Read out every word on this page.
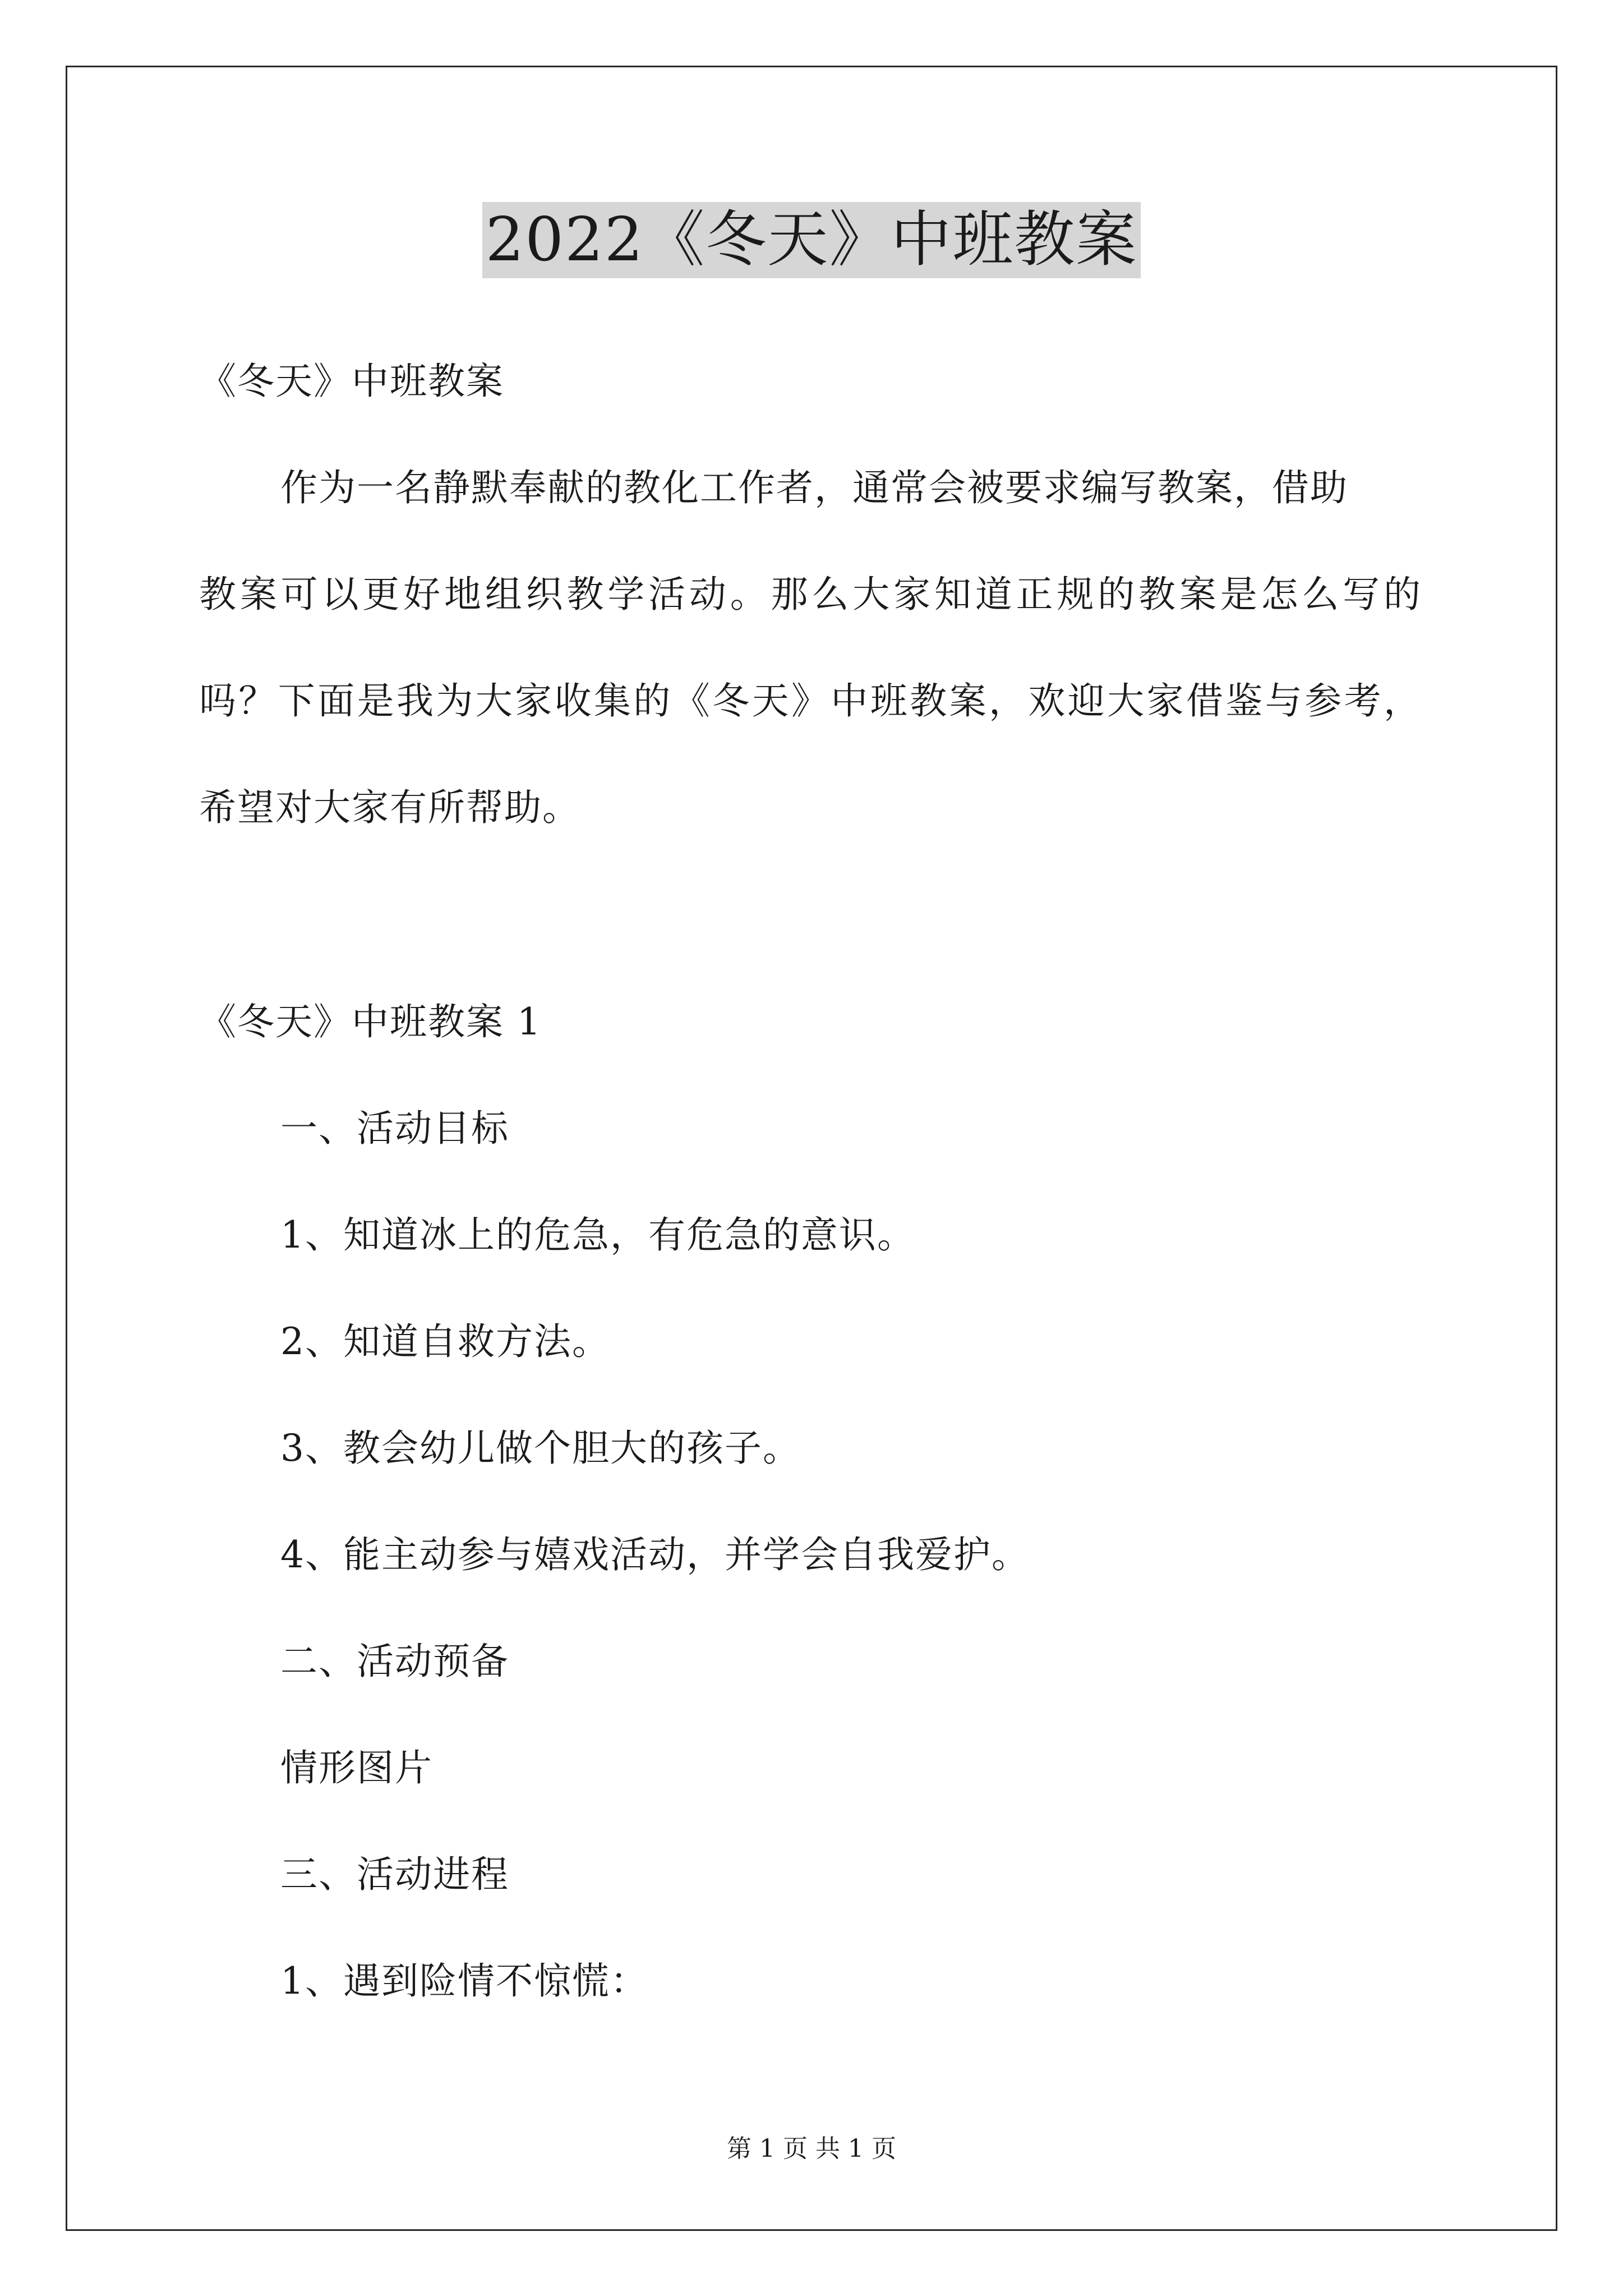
2022《冬天》中班教案
《冬天》中班教案
作为一名静默奉献的教化工作者，通常会被要求编写教案，借助
教案可以更好地组织教学活动。那么大家知道正规的教案是怎么写的
吗？下面是我为大家收集的《冬天》中班教案，欢迎大家借鉴与参考，
希望对大家有所帮助。
《冬天》中班教案 1
一、活动目标
1、知道冰上的危急，有危急的意识。
2、知道自救方法。
3、教会幼儿做个胆大的孩子。
4、能主动参与嬉戏活动，并学会自我爱护。
二、活动预备
情形图片
三、活动进程
1、遇到险情不惊慌：
第 1 页 共 1 页
